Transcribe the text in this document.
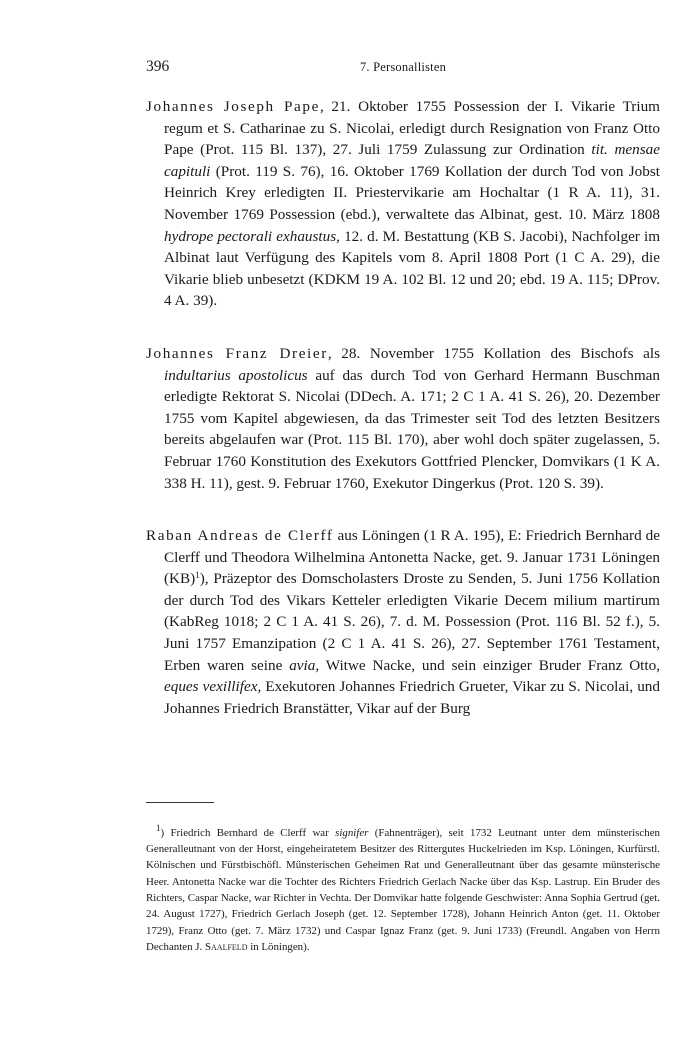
396	7. Personallisten

Johannes Joseph Pape, 21. Oktober 1755 Possession der I. Vikarie Trium regum et S. Catharinae zu S. Nicolai, erledigt durch Resignation von Franz Otto Pape (Prot. 115 Bl. 137), 27. Juli 1759 Zulassung zur Ordination tit. mensae capituli (Prot. 119 S. 76), 16. Oktober 1769 Kollation der durch Tod von Jobst Heinrich Krey erledigten II. Priestervikarie am Hochaltar (1 R A. 11), 31. November 1769 Possession (ebd.), verwaltete das Albinat, gest. 10. März 1808 hydrope pectorali exhaustus, 12. d. M. Bestattung (KB S. Jacobi), Nachfolger im Albinat laut Verfügung des Kapitels vom 8. April 1808 Port (1 C A. 29), die Vikarie blieb unbesetzt (KDKM 19 A. 102 Bl. 12 und 20; ebd. 19 A. 115; DProv. 4 A. 39).

Johannes Franz Dreier, 28. November 1755 Kollation des Bischofs als indultarius apostolicus auf das durch Tod von Gerhard Hermann Buschman erledigte Rektorat S. Nicolai (DDech. A. 171; 2 C 1 A. 41 S. 26), 20. Dezember 1755 vom Kapitel abgewiesen, da das Trimester seit Tod des letzten Besitzers bereits abgelaufen war (Prot. 115 Bl. 170), aber wohl doch später zugelassen, 5. Februar 1760 Konstitution des Exekutors Gottfried Plencker, Domvikars (1 K A. 338 H. 11), gest. 9. Februar 1760, Exekutor Dingerkus (Prot. 120 S. 39).

Raban Andreas de Clerff aus Löningen (1 R A. 195), E: Friedrich Bernhard de Clerff und Theodora Wilhelmina Antonetta Nacke, get. 9. Januar 1731 Löningen (KB)$^1$), Präzeptor des Domscholasters Droste zu Senden, 5. Juni 1756 Kollation der durch Tod des Vikars Ketteler erledigten Vikarie Decem milium martirum (KabReg 1018; 2 C 1 A. 41 S. 26), 7. d. M. Possession (Prot. 116 Bl. 52 f.), 5. Juni 1757 Emanzipation (2 C 1 A. 41 S. 26), 27. September 1761 Testament, Erben waren seine avia, Witwe Nacke, und sein einziger Bruder Franz Otto, eques vexillifex, Exekutoren Johannes Friedrich Grueter, Vikar zu S. Nicolai, und Johannes Friedrich Branstätter, Vikar auf der Burg

$^1$) Friedrich Bernhard de Clerff war signifer (Fahnenträger), seit 1732 Leutnant unter dem münsterischen Generalleutnant von der Horst, eingeheiratetem Besitzer des Rittergutes Huckelrieden im Ksp. Löningen, Kurfürstl. Kölnischen und Fürstbischöfl. Münsterischen Geheimen Rat und Generalleutnant über das gesamte münsterische Heer. Antonetta Nacke war die Tochter des Richters Friedrich Gerlach Nacke über das Ksp. Lastrup. Ein Bruder des Richters, Caspar Nacke, war Richter in Vechta. Der Domvikar hatte folgende Geschwister: Anna Sophia Gertrud (get. 24. August 1727), Friedrich Gerlach Joseph (get. 12. September 1728), Johann Heinrich Anton (get. 11. Oktober 1729), Franz Otto (get. 7. März 1732) und Caspar Ignaz Franz (get. 9. Juni 1733) (Freundl. Angaben von Herrn Dechanten J. Saalfeld in Löningen).
